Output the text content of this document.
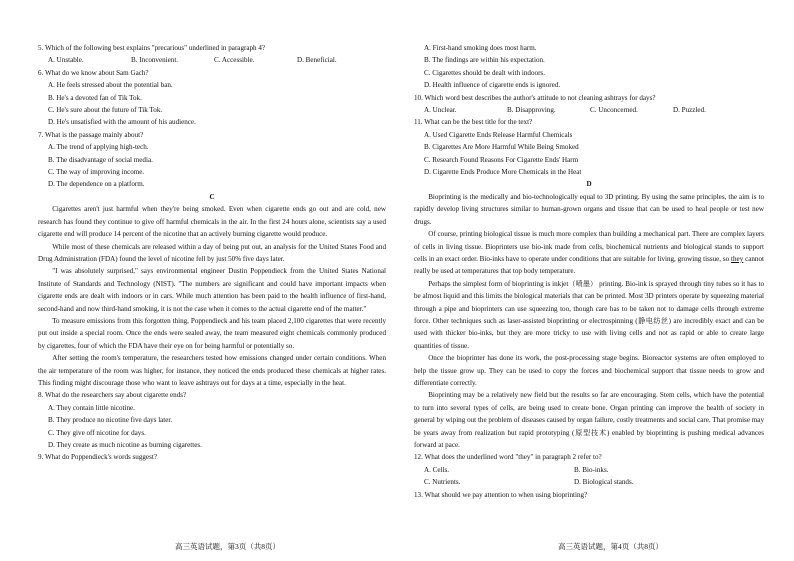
5. Which of the following best explains "precarious" underlined in paragraph 4?

A. Unstable.	B. Inconvenient.	C. Accessible.	D. Beneficial.

6. What do we know about Sam Gach?

A. He feels stressed about the potential ban.

B. He's a devoted fan of Tik Tok.

C. He's sure about the future of Tik Tok.

D. He's unsatisfied with the amount of his audience.

7. What is the passage mainly about?

A. The trend of applying high-tech.

B. The disadvantage of social media.

C. The way of improving income.

D. The dependence on a platform.

C

Cigarettes aren't just harmful when they're being smoked. Even when cigarette ends go out and are cold, new research has found they continue to give off harmful chemicals in the air. In the first 24 hours alone, scientists say a used cigarette end will produce 14 percent of the nicotine that an actively burning cigarette would produce.

While most of these chemicals are released within a day of being put out, an analysis for the United States Food and Drug Administration (FDA) found the level of nicotine fell by just 50% five days later.

"I was absolutely surprised," says environmental engineer Dustin Poppendieck from the United States National Institute of Standards and Technology (NIST). "The numbers are significant and could have important impacts when cigarette ends are dealt with indoors or in cars. While much attention has been paid to the health influence of first-hand, second-hand and now third-hand smoking, it is not the case when it comes to the actual cigarette end of the matter."

To measure emissions from this forgotten thing, Poppendieck and his team placed 2,100 cigarettes that were recently put out inside a special room. Once the ends were sealed away, the team measured eight chemicals commonly produced by cigarettes, four of which the FDA have their eye on for being harmful or potentially so.

After setting the room's temperature, the researchers tested how emissions changed under certain conditions. When the air temperature of the room was higher, for instance, they noticed the ends produced these chemicals at higher rates. This finding might discourage those who want to leave ashtrays out for days at a time, especially in the heat.

8. What do the researchers say about cigarette ends?

A. They contain little nicotine.

B. They produce no nicotine five days later.

C. They give off nicotine for days.

D. They create as much nicotine as burning cigarettes.

9. What do Poppendieck's words suggest?

A. First-hand smoking does most harm.

B. The findings are within his expectation.

C. Cigarettes should be dealt with indoors.

D. Health influence of cigarette ends is ignored.

10. Which word best describes the author's attitude to not cleaning ashtrays for days?

A. Unclear.	B. Disapproving.	C. Unconcerned.	D. Puzzled.

11. What can be the best title for the text?

A. Used Cigarette Ends Release Harmful Chemicals

B. Cigarettes Are More Harmful While Being Smoked

C. Research Found Reasons For Cigarette Ends' Harm

D. Cigarette Ends Produce More Chemicals in the Heat

D

Bioprinting is the medically and bio-technologically equal to 3D printing. By using the same principles, the aim is to rapidly develop living structures similar to human-grown organs and tissue that can be used to heal people or test new drugs.

Of course, printing biological tissue is much more complex than building a mechanical part. There are complex layers of cells in living tissue. Bioprinters use bio-ink made from cells, biochemical nutrients and biological stands to support cells in an exact order. Bio-inks have to operate under conditions that are suitable for living, growing tissue, so they cannot really be used at temperatures that top body temperature.

Perhaps the simplest form of bioprinting is inkjet（喷墨） printing. Bio-ink is sprayed through tiny tubes so it has to be almost liquid and this limits the biological materials that can be printed. Most 3D printers operate by squeezing material through a pipe and bioprinters can use squeezing too, though care has to be taken not to damage cells through extreme force. Other techniques such as laser-assisted bioprinting or electrospinning (静电纺丝) are incredibly exact and can be used with thicker bio-inks, but they are more tricky to use with living cells and not as rapid or able to create large quantities of tissue.

Once the bioprinter has done its work, the post-processing stage begins. Bioreactor systems are often employed to help the tissue grow up. They can be used to copy the forces and biochemical support that tissue needs to grow and differentiate correctly.

Bioprinting may be a relatively new field but the results so far are encouraging. Stem cells, which have the potential to turn into several types of cells, are being used to create bone. Organ printing can improve the health of society in general by wiping out the problem of diseases caused by organ failure, costly treatments and social care. That promise may be years away from realization but rapid prototyping (原型技术) enabled by bioprinting is pushing medical advances forward at pace.

12. What does the underlined word "they" in paragraph 2 refer to?

A. Cells.	B. Bio-inks.
C. Nutrients.	D. Biological stands.

13. What should we pay attention to when using bioprinting?

高三英语试题，第3页（共8页）	高三英语试题，第4页（共8页）
